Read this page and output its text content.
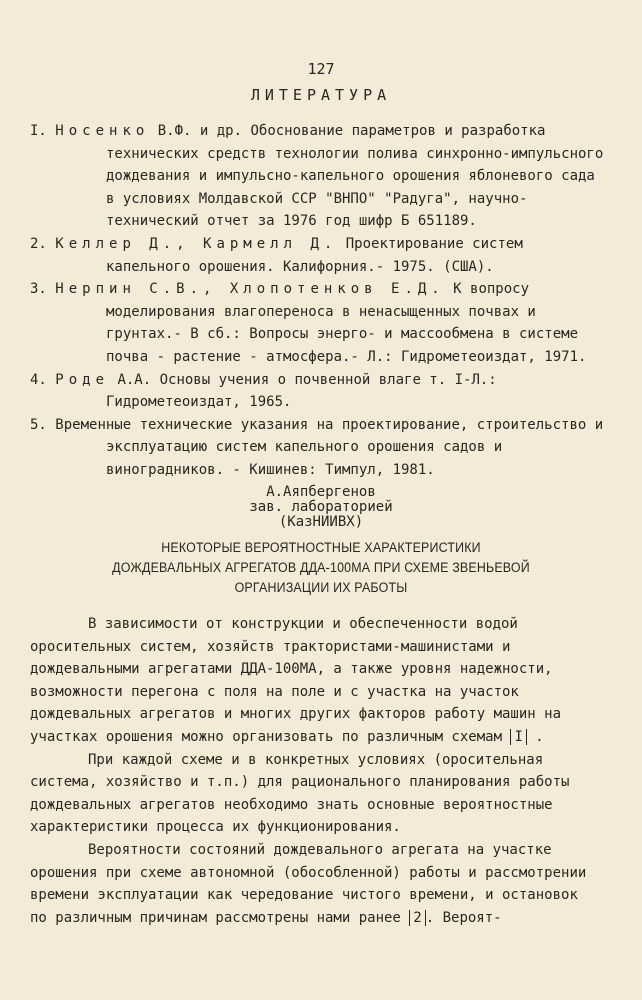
127
ЛИТЕРАТУРА
I. Носенко В.Ф. и др. Обоснование параметров и разработка технических средств технологии полива синхронно-импульсного дождевания и импульсно-капельного орошения яблоневого сада в условиях Молдавской ССР "ВНПО" "Радуга", научно-технический отчет за 1976 год шифр Б 651189.
2. Келлер Д., Кармелл Д. Проектирование систем капельного орошения. Калифорния.- 1975. (США).
3. Нерпин С.В., Хлопотенков Е.Д. К вопросу моделирования влагопереноса в ненасыщенных почвах и грунтах.- В сб.: Вопросы энерго- и массообмена в системе почва - растение - атмосфера.- Л.: Гидрометеоиздат, 1971.
4. Роде А.А. Основы учения о почвенной влаге т. I-Л.: Гидрометеоиздат, 1965.
5. Временные технические указания на проектирование, строительство и эксплуатацию систем капельного орошения садов и виноградников. - Кишинев: Тимпул, 1981.
А.Аяпбергенов
зав. лабораторией
(КазНИИВХ)
НЕКОТОРЫЕ ВЕРОЯТНОСТНЫЕ ХАРАКТЕРИСТИКИ
ДОЖДЕВАЛЬНЫХ АГРЕГАТОВ ДДА-100МА ПРИ СХЕМЕ ЗВЕНЬЕВОЙ
ОРГАНИЗАЦИИ ИХ РАБОТЫ

В зависимости от конструкции и обеспеченности водой оросительных систем, хозяйств трактористами-машинистами и дождевальными агрегатами ДДА-100МА, а также уровня надежности, возможности перегона с поля на поле и с участка на участок дождевальных агрегатов и многих других факторов работу машин на участках орошения можно организовать по различным схемам I .

При каждой схеме и в конкретных условиях (оросительная система, хозяйство и т.п.) для рационального планирования работы дождевальных агрегатов необходимо знать основные вероятностные характеристики процесса их функционирования.

Вероятности состояний дождевального агрегата на участке орошения при схеме автономной (обособленной) работы и рассмотрении времени эксплуатации как чередование чистого времени, и остановок по различным причинам рассмотрены нами ранее 2 . Вероят-
